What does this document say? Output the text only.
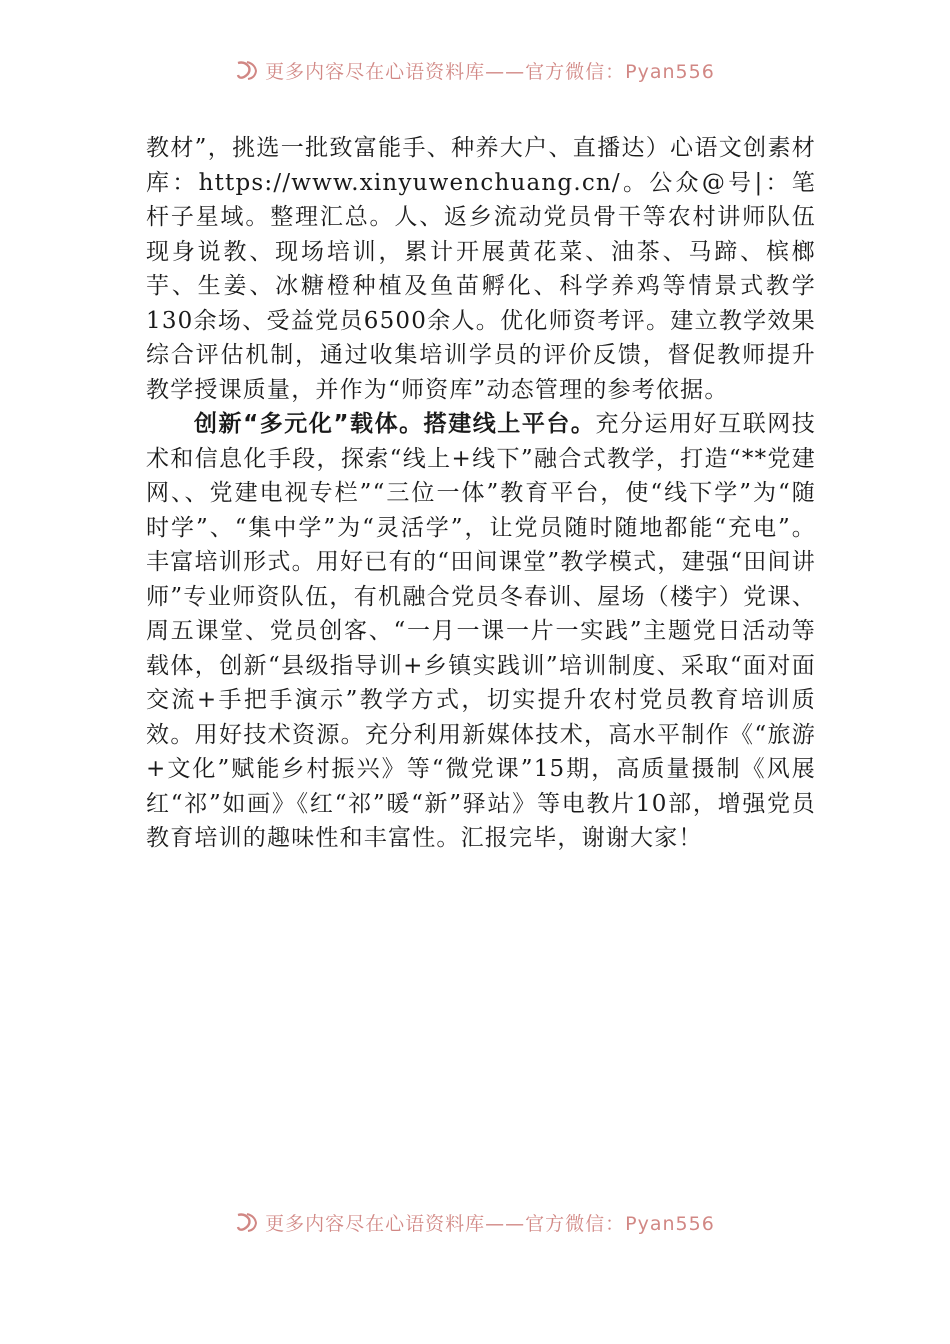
更多内容尽在心语资料库——官方微信：Pyan556

教材”，挑选一批致富能手、种养大户、直播达）心语文创素材库：https://www.xinyuwenchuang.cn/。公众@号|：笔杆子星域。整理汇总。人、返乡流动党员骨干等农村讲师队伍现身说教、现场培训，累计开展黄花菜、油茶、马蹄、槟榔芋、生姜、冰糖橙种植及鱼苗孵化、科学养鸡等情景式教学130余场、受益党员6500余人。优化师资考评。建立教学效果综合评估机制，通过收集培训学员的评价反馈，督促教师提升教学授课质量，并作为“师资库”动态管理的参考依据。

创新“多元化”载体。搭建线上平台。充分运用好互联网技术和信息化手段，探索“线上+线下”融合式教学，打造“**党建网、、党建电视专栏”“三位一体”教育平台，使“线下学”为“随时学”、“集中学”为“灵活学”，让党员随时随地都能“充电”。丰富培训形式。用好已有的“田间课堂”教学模式，建强“田间讲师”专业师资队伍，有机融合党员冬春训、屋场（楼宇）党课、周五课堂、党员创客、“一月一课一片一实践”主题党日活动等载体，创新“县级指导训+乡镇实践训”培训制度、采取“面对面交流+手把手演示”教学方式，切实提升农村党员教育培训质效。用好技术资源。充分利用新媒体技术，高水平制作《“旅游+文化”赋能乡村振兴》等“微党课”15期，高质量摄制《风展红“祁”如画》《红“祁”暖“新”驿站》等电教片10部，增强党员教育培训的趣味性和丰富性。汇报完毕，谢谢大家！

更多内容尽在心语资料库——官方微信：Pyan556
